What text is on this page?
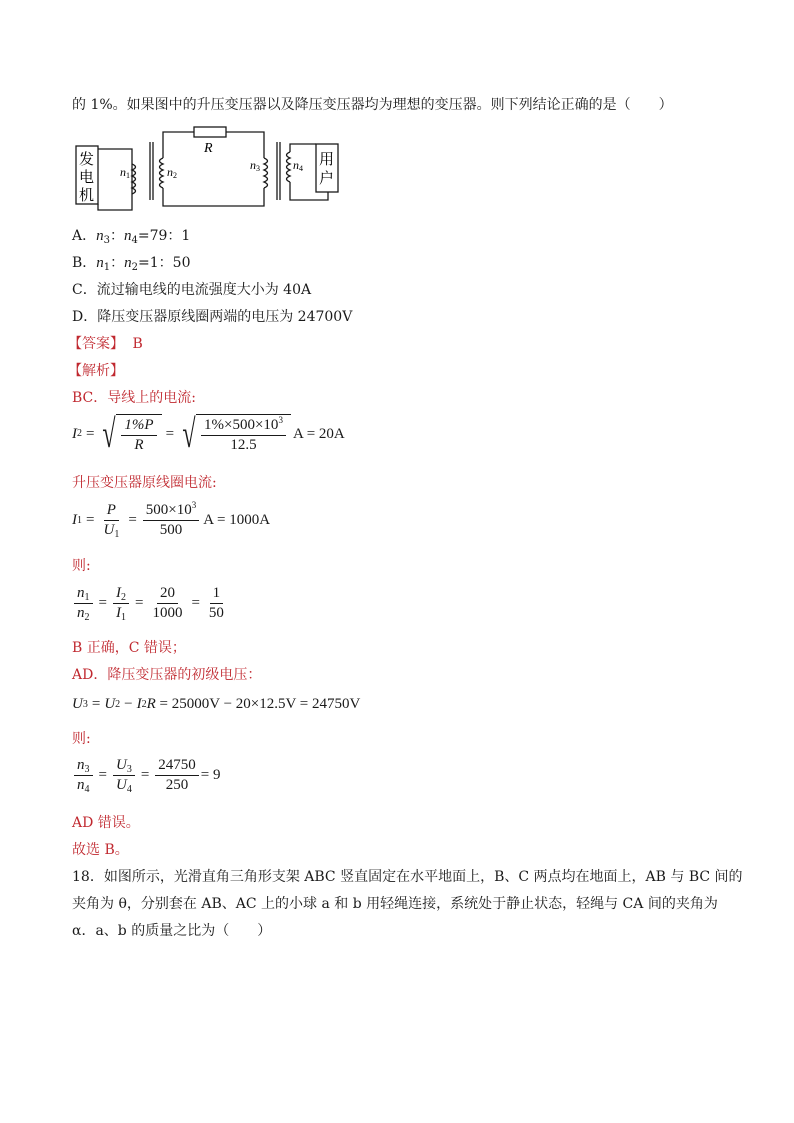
的 1%。如果图中的升压变压器以及降压变压器均为理想的变压器。则下列结论正确的是（　　）
发
电
机
用
户
R
n1	n2
n3	n4
A．$n_3$：$n_4=79$：1
B．$n_1$：$n_2=1$：50
C．流过输电线的电流强度大小为 40A
D．降压变压器原线圈两端的电压为 24700V
【答案】 B
【解析】
BC．导线上的电流:
I 2 = √ $\frac{1\%P}{R}$ = √ $\frac{1\%\times 500\times 10^3}{12.5}$ A = 20A
升压变压器原线圈电流:
I $1 = \frac{P}{U_1} = \frac{500\times 10^3}{500}$ A = 1000A
则:
$\frac{n_1}{n_2} = \frac{I_2}{I_1} = \frac{20}{1000} = \frac{1}{50}$
B 正确，C 错误；
AD．降压变压器的初级电压：
U 3 = U 2 − I 2 R = 25000V − 20×12.5V = 24750V
则:
$\frac{n_3}{n_4} = \frac{U_3}{U_4} = \frac{24750}{250} = 9$
AD 错误。
故选 B。
18．如图所示，光滑直角三角形支架 ABC 竖直固定在水平地面上，B、C 两点均在地面上，AB 与 BC 间的
夹角为 θ，分别套在 AB、AC 上的小球 a 和 b 用轻绳连接，系统处于静止状态，轻绳与 CA 间的夹角为
α．a、b 的质量之比为（　　）
